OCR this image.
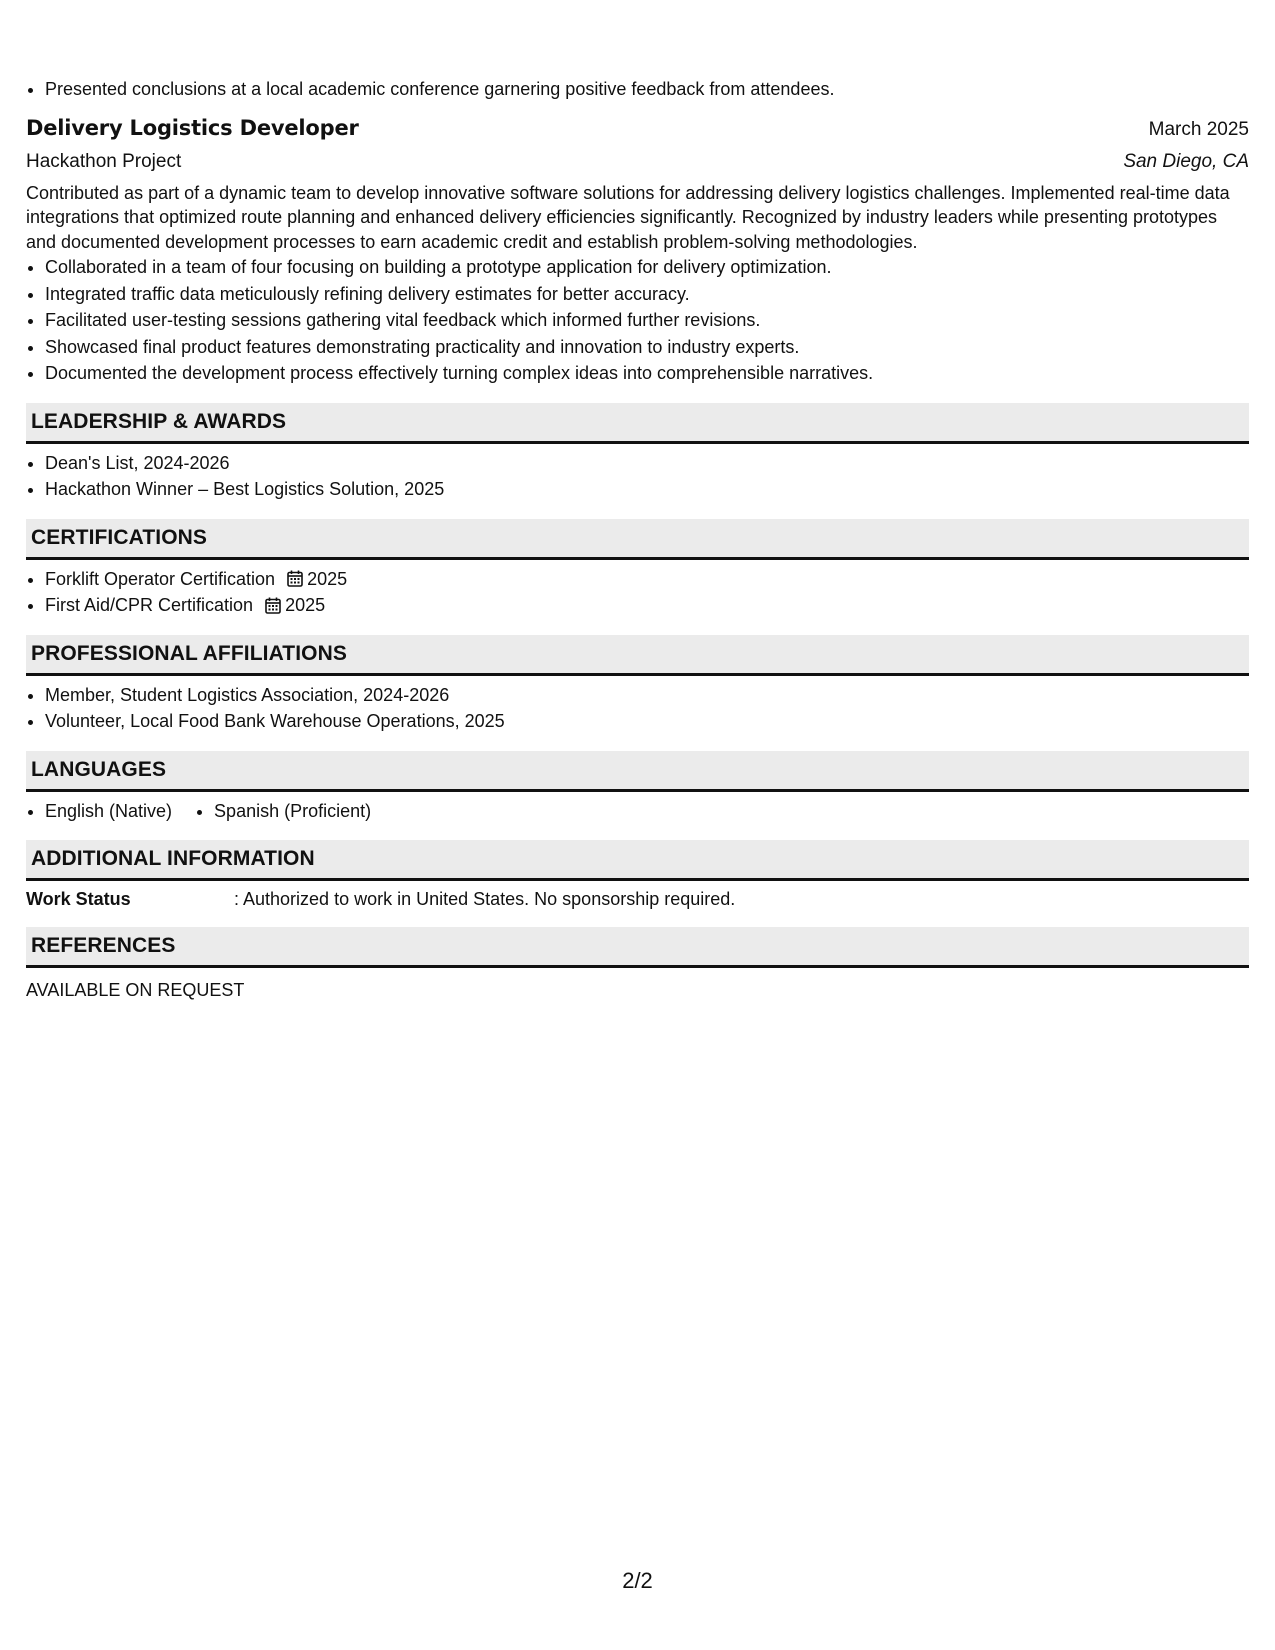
• Presented conclusions at a local academic conference garnering positive feedback from attendees.
Delivery Logistics Developer	March 2025
Hackathon Project	San Diego, CA
Contributed as part of a dynamic team to develop innovative software solutions for addressing delivery logistics challenges. Implemented real-time data integrations that optimized route planning and enhanced delivery efficiencies significantly. Recognized by industry leaders while presenting prototypes and documented development processes to earn academic credit and establish problem-solving methodologies.
• Collaborated in a team of four focusing on building a prototype application for delivery optimization.
• Integrated traffic data meticulously refining delivery estimates for better accuracy.
• Facilitated user-testing sessions gathering vital feedback which informed further revisions.
• Showcased final product features demonstrating practicality and innovation to industry experts.
• Documented the development process effectively turning complex ideas into comprehensible narratives.
LEADERSHIP & AWARDS
• Dean's List, 2024-2026
• Hackathon Winner – Best Logistics Solution, 2025
CERTIFICATIONS
• Forklift Operator Certification 2025
• First Aid/CPR Certification 2025
PROFESSIONAL AFFILIATIONS
• Member, Student Logistics Association, 2024-2026
• Volunteer, Local Food Bank Warehouse Operations, 2025
LANGUAGES
• English (Native)
• Spanish (Proficient)
ADDITIONAL INFORMATION
Work Status	: Authorized to work in United States. No sponsorship required.
REFERENCES
AVAILABLE ON REQUEST
2/2
